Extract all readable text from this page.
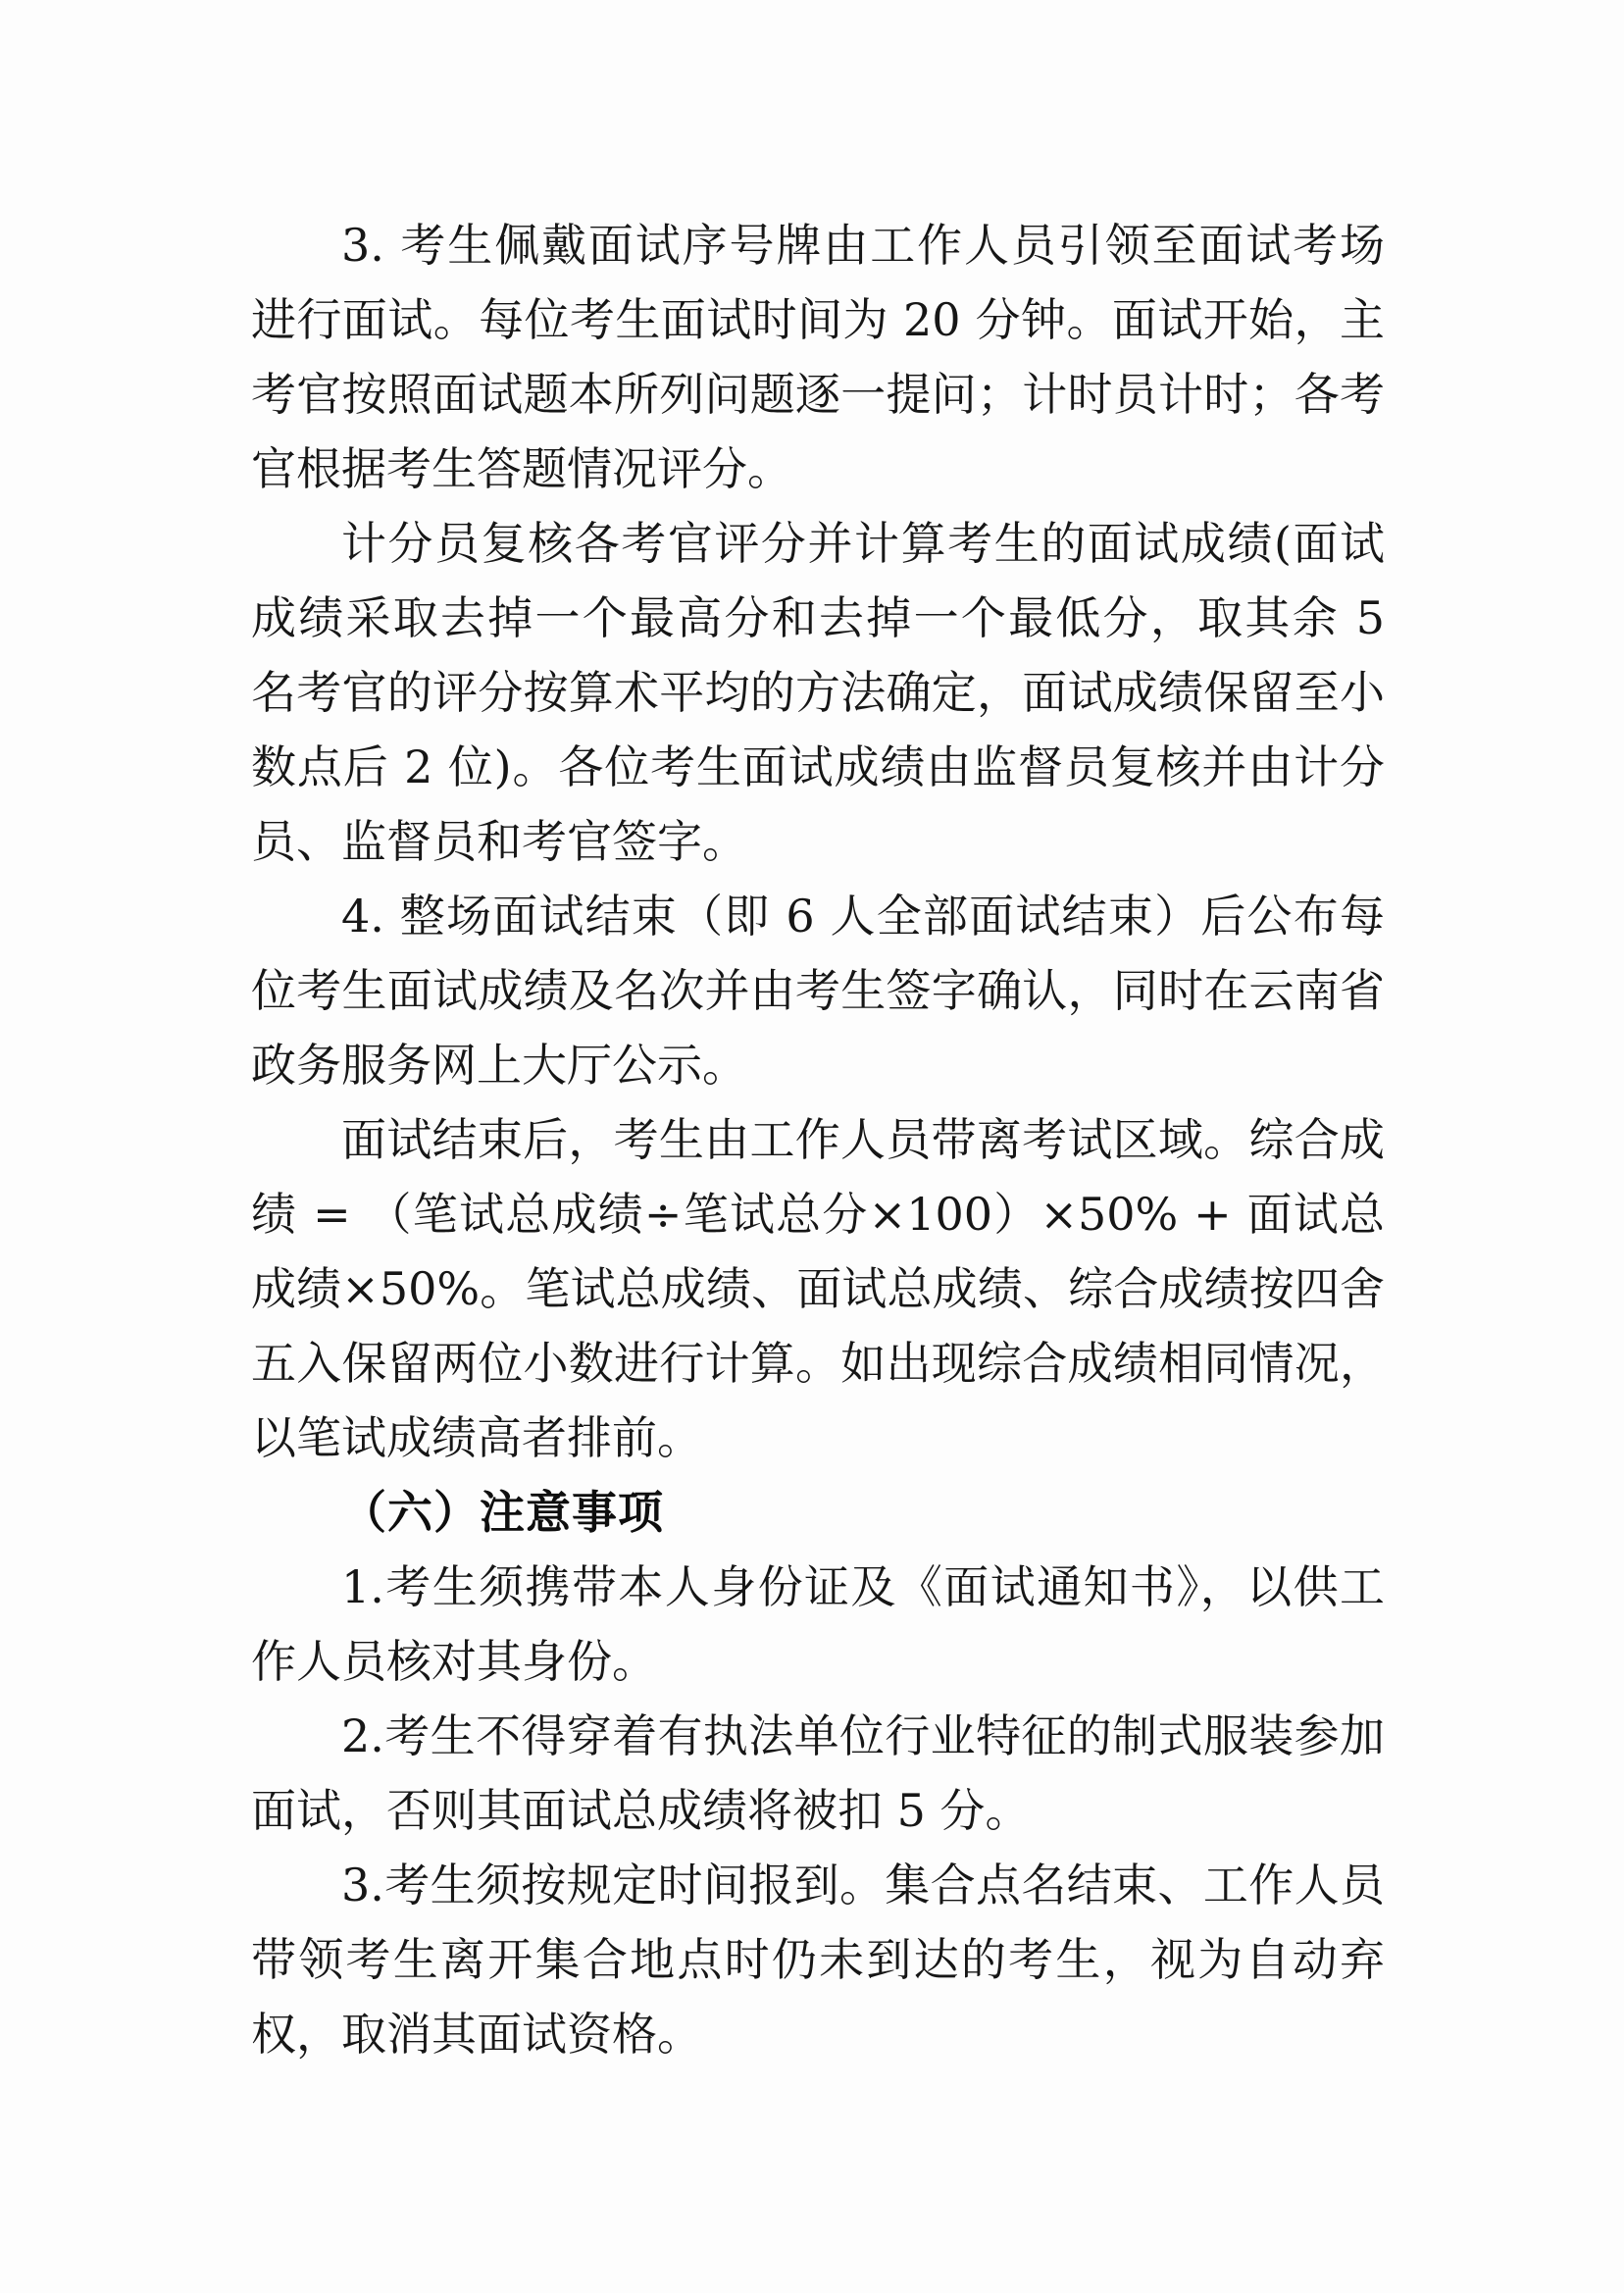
3. 考生佩戴面试序号牌由工作人员引领至面试考场进行面试。每位考生面试时间为 20 分钟。面试开始，主考官按照面试题本所列问题逐一提问；计时员计时；各考官根据考生答题情况评分。

计分员复核各考官评分并计算考生的面试成绩(面试成绩采取去掉一个最高分和去掉一个最低分，取其余 5 名考官的评分按算术平均的方法确定，面试成绩保留至小数点后 2 位)。各位考生面试成绩由监督员复核并由计分员、监督员和考官签字。

4. 整场面试结束（即 6 人全部面试结束）后公布每位考生面试成绩及名次并由考生签字确认，同时在云南省政务服务网上大厅公示。

面试结束后，考生由工作人员带离考试区域。综合成绩 = （笔试总成绩÷笔试总分×100）×50% + 面试总成绩×50%。笔试总成绩、面试总成绩、综合成绩按四舍五入保留两位小数进行计算。如出现综合成绩相同情况，以笔试成绩高者排前。

（六）注意事项

1.考生须携带本人身份证及《面试通知书》，以供工作人员核对其身份。

2.考生不得穿着有执法单位行业特征的制式服装参加面试，否则其面试总成绩将被扣 5 分。

3.考生须按规定时间报到。集合点名结束、工作人员带领考生离开集合地点时仍未到达的考生，视为自动弃权，取消其面试资格。
